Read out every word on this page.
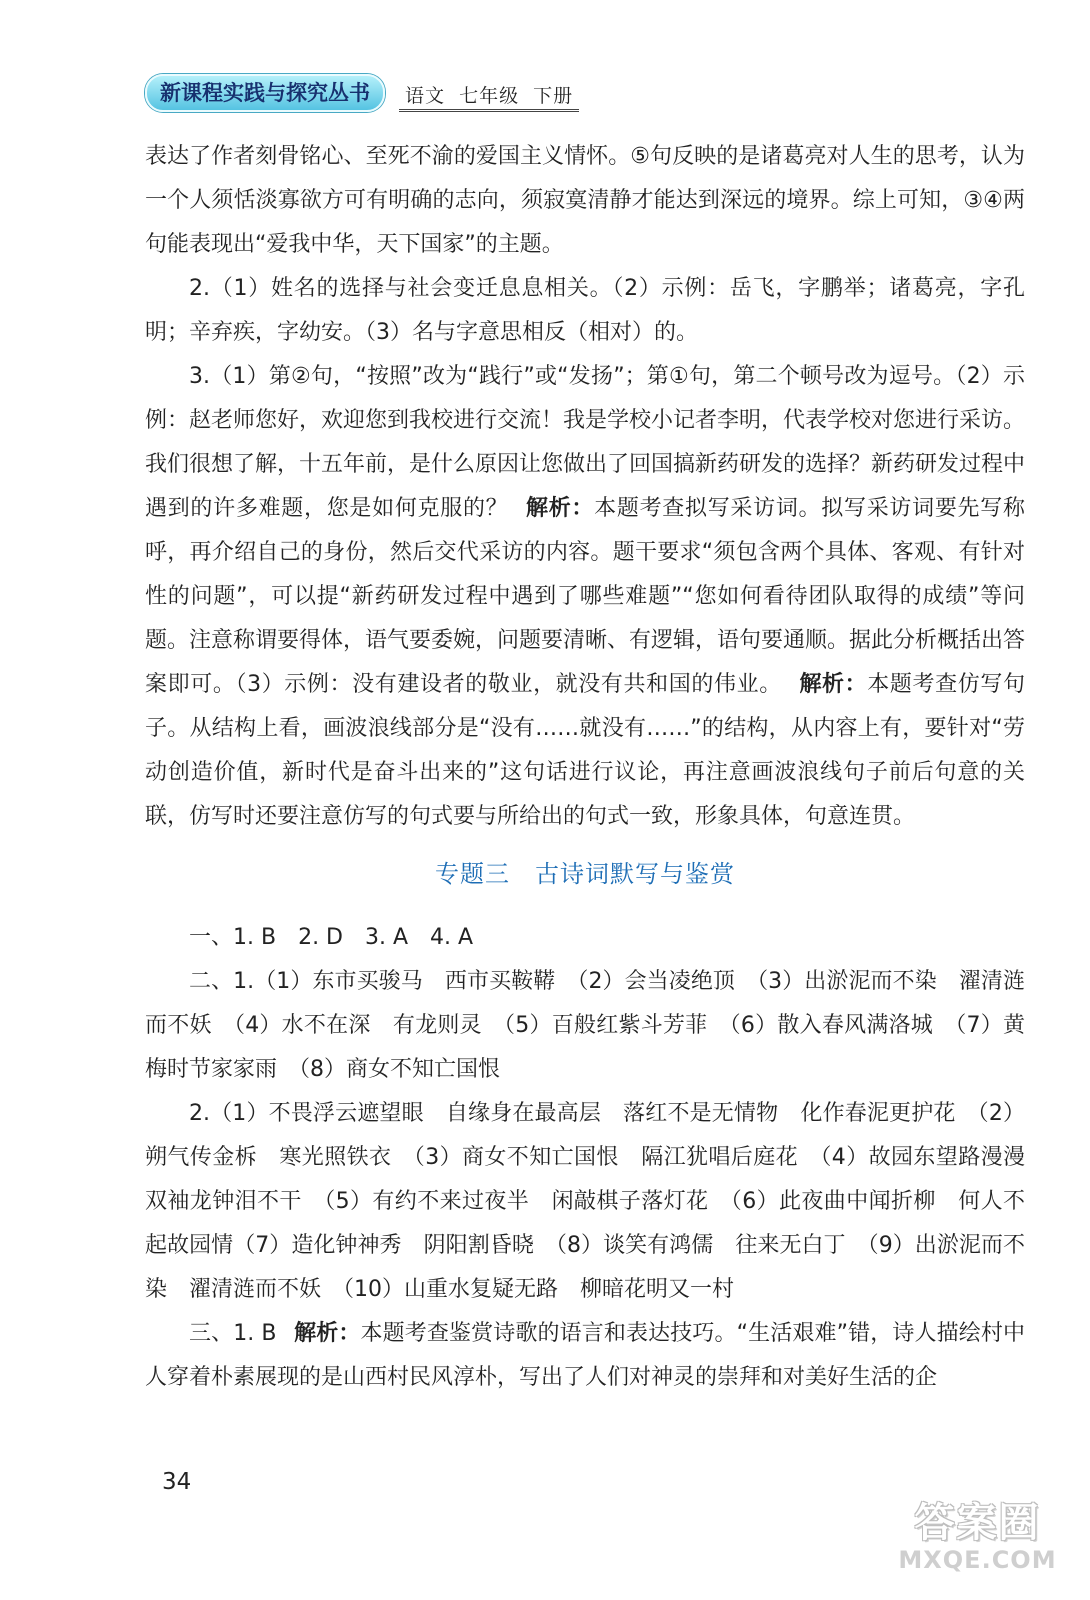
新课程实践与探究丛书	语文  七年级  下册

表达了作者刻骨铭心、至死不渝的爱国主义情怀。⑤句反映的是诸葛亮对人生的思考，认为一个人须恬淡寡欲方可有明确的志向，须寂寞清静才能达到深远的境界。综上可知，③④两句能表现出“爱我中华，天下国家”的主题。

2.（1）姓名的选择与社会变迁息息相关。（2）示例：岳飞，字鹏举；诸葛亮，字孔明；辛弃疾，字幼安。（3）名与字意思相反（相对）的。

3.（1）第②句，“按照”改为“践行”或“发扬”；第①句，第二个顿号改为逗号。（2）示例：赵老师您好，欢迎您到我校进行交流！我是学校小记者李明，代表学校对您进行采访。我们很想了解，十五年前，是什么原因让您做出了回国搞新药研发的选择？新药研发过程中遇到的许多难题，您是如何克服的？ 解析：本题考查拟写采访词。拟写采访词要先写称呼，再介绍自己的身份，然后交代采访的内容。题干要求“须包含两个具体、客观、有针对性的问题”，可以提“新药研发过程中遇到了哪些难题”“您如何看待团队取得的成绩”等问题。注意称谓要得体，语气要委婉，问题要清晰、有逻辑，语句要通顺。据此分析概括出答案即可。（3）示例：没有建设者的敬业，就没有共和国的伟业。 解析：本题考查仿写句子。从结构上看，画波浪线部分是“没有……就没有……”的结构，从内容上有，要针对“劳动创造价值，新时代是奋斗出来的”这句话进行议论，再注意画波浪线句子前后句意的关联，仿写时还要注意仿写的句式要与所给出的句式一致，形象具体，句意连贯。

专题三　古诗词默写与鉴赏

一、1. B　2. D　3. A　4. A

二、1.（1）东市买骏马　西市买鞍鞯　（2）会当凌绝顶　（3）出淤泥而不染　濯清涟而不妖　（4）水不在深　有龙则灵　（5）百般红紫斗芳菲　（6）散入春风满洛城　（7）黄梅时节家家雨　（8）商女不知亡国恨

2.（1）不畏浮云遮望眼　自缘身在最高层　落红不是无情物　化作春泥更护花　（2）朔气传金柝　寒光照铁衣　（3）商女不知亡国恨　隔江犹唱后庭花　（4）故园东望路漫漫　双袖龙钟泪不干　（5）有约不来过夜半　闲敲棋子落灯花　（6）此夜曲中闻折柳　何人不起故园情（7）造化钟神秀　阴阳割昏晓　（8）谈笑有鸿儒　往来无白丁　（9）出淤泥而不染　濯清涟而不妖　（10）山重水复疑无路　柳暗花明又一村

三、1. B 解析：本题考查鉴赏诗歌的语言和表达技巧。“生活艰难”错，诗人描绘村中人穿着朴素展现的是山西村民风淳朴，写出了人们对神灵的崇拜和对美好生活的企

34
答案圈
MXQE.COM
